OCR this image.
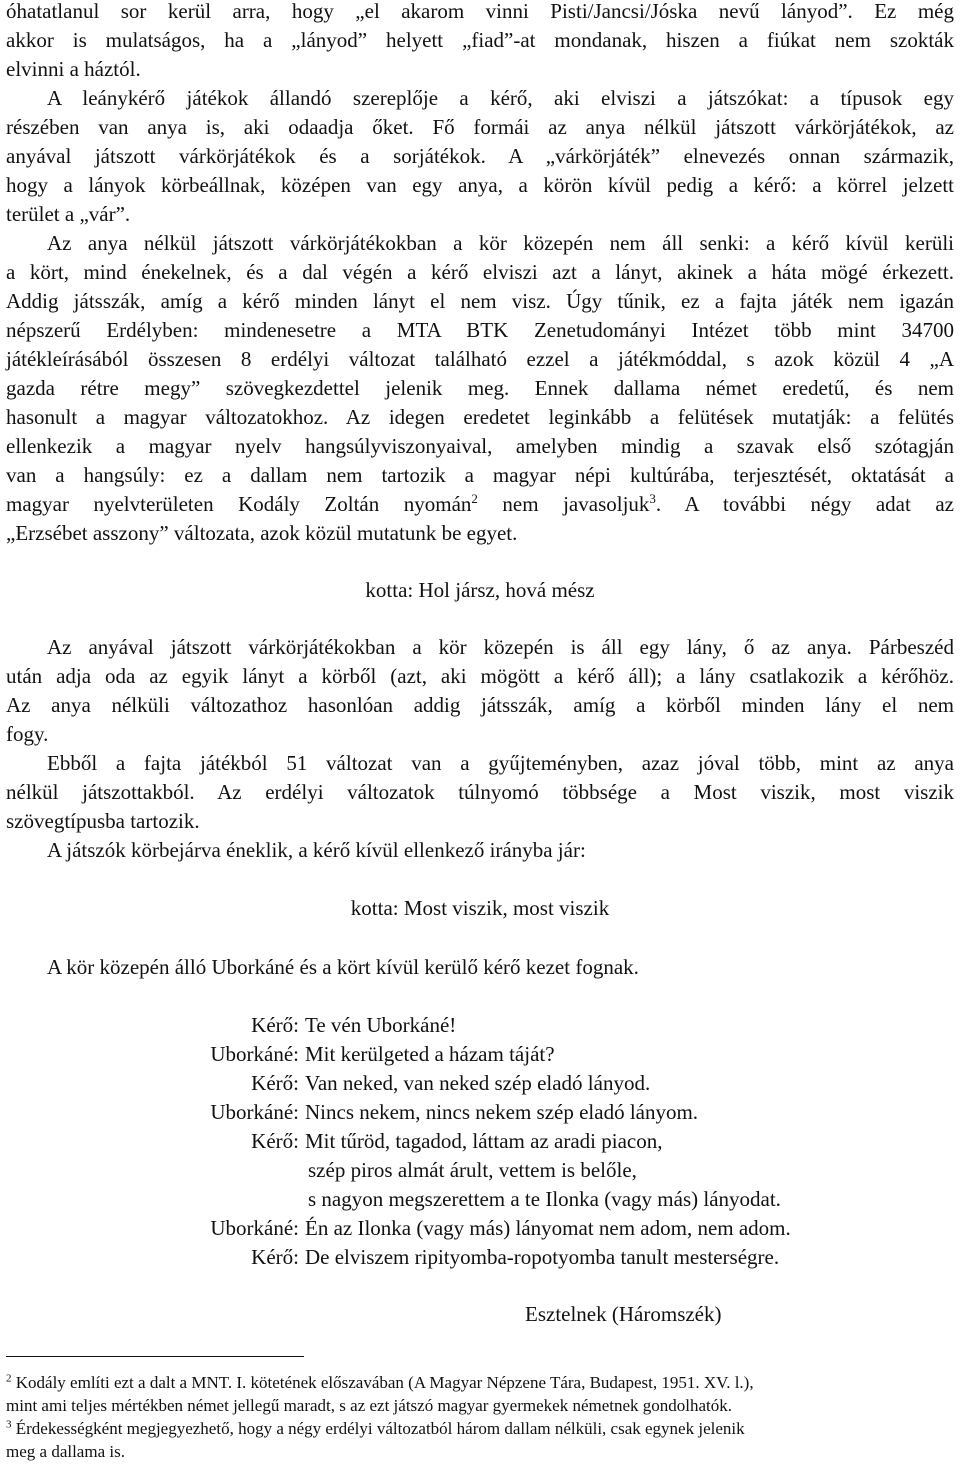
óhatatlanul sor kerül arra, hogy „el akarom vinni Pisti/Jancsi/Jóska nevű lányod”. Ez még
akkor is mulatságos, ha a „lányod” helyett „fiad”-at mondanak, hiszen a fiúkat nem szokták
elvinni a háztól.
A leánykérő játékok állandó szereplője a kérő, aki elviszi a játszókat: a típusok egy
részében van anya is, aki odaadja őket. Fő formái az anya nélkül játszott várkörjátékok, az
anyával játszott várkörjátékok és a sorjátékok. A „várkörjáték” elnevezés onnan származik,
hogy a lányok körbeállnak, középen van egy anya, a körön kívül pedig a kérő: a körrel jelzett
terület a „vár”.
Az anya nélkül játszott várkörjátékokban a kör közepén nem áll senki: a kérő kívül kerüli
a kört, mind énekelnek, és a dal végén a kérő elviszi azt a lányt, akinek a háta mögé érkezett.
Addig játsszák, amíg a kérő minden lányt el nem visz. Úgy tűnik, ez a fajta játék nem igazán
népszerű Erdélyben: mindenesetre a MTA BTK Zenetudományi Intézet több mint 34700
játékleírásából összesen 8 erdélyi változat található ezzel a játékmóddal, s azok közül 4 „A
gazda rétre megy” szövegkezdettel jelenik meg. Ennek dallama német eredetű, és nem
hasonult a magyar változatokhoz. Az idegen eredetet leginkább a felütések mutatják: a felütés
ellenkezik a magyar nyelv hangsúlyviszonyaival, amelyben mindig a szavak első szótagján
van a hangsúly: ez a dallam nem tartozik a magyar népi kultúrába, terjesztését, oktatását a
magyar nyelvterületen Kodály Zoltán nyomán$^2$ nem javasoljuk$^3$. A további négy adat az
„Erzsébet asszony” változata, azok közül mutatunk be egyet.
kotta: Hol jársz, hová mész
Az anyával játszott várkörjátékokban a kör közepén is áll egy lány, ő az anya. Párbeszéd
után adja oda az egyik lányt a körből (azt, aki mögött a kérő áll); a lány csatlakozik a kérőhöz.
Az anya nélküli változathoz hasonlóan addig játsszák, amíg a körből minden lány el nem
fogy.
Ebből a fajta játékból 51 változat van a gyűjteményben, azaz jóval több, mint az anya
nélkül játszottakból. Az erdélyi változatok túlnyomó többsége a Most viszik, most viszik
szövegtípusba tartozik.
A játszók körbejárva éneklik, a kérő kívül ellenkező irányba jár:
kotta: Most viszik, most viszik
A kör közepén álló Uborkáné és a kört kívül kerülő kérő kezet fognak.
Kérő: Te vén Uborkáné!
Uborkáné: Mit kerülgeted a házam táját?
Kérő: Van neked, van neked szép eladó lányod.
Uborkáné: Nincs nekem, nincs nekem szép eladó lányom.
Kérő: Mit tűröd, tagadod, láttam az aradi piacon,
szép piros almát árult, vettem is belőle,
s nagyon megszerettem a te Ilonka (vagy más) lányodat.
Uborkáné: Én az Ilonka (vagy más) lányomat nem adom, nem adom.
Kérő: De elviszem ripityomba-ropotyomba tanult mesterségre.
Esztelnek (Háromszék)
$^2$ Kodály említi ezt a dalt a MNT. I. kötetének előszavában (A Magyar Népzene Tára, Budapest, 1951. XV. l.),
mint ami teljes mértékben német jellegű maradt, s az ezt játszó magyar gyermekek németnek gondolhatók.
$^3$ Érdekességként megjegyezhető, hogy a négy erdélyi változatból három dallam nélküli, csak egynek jelenik
meg a dallama is.
